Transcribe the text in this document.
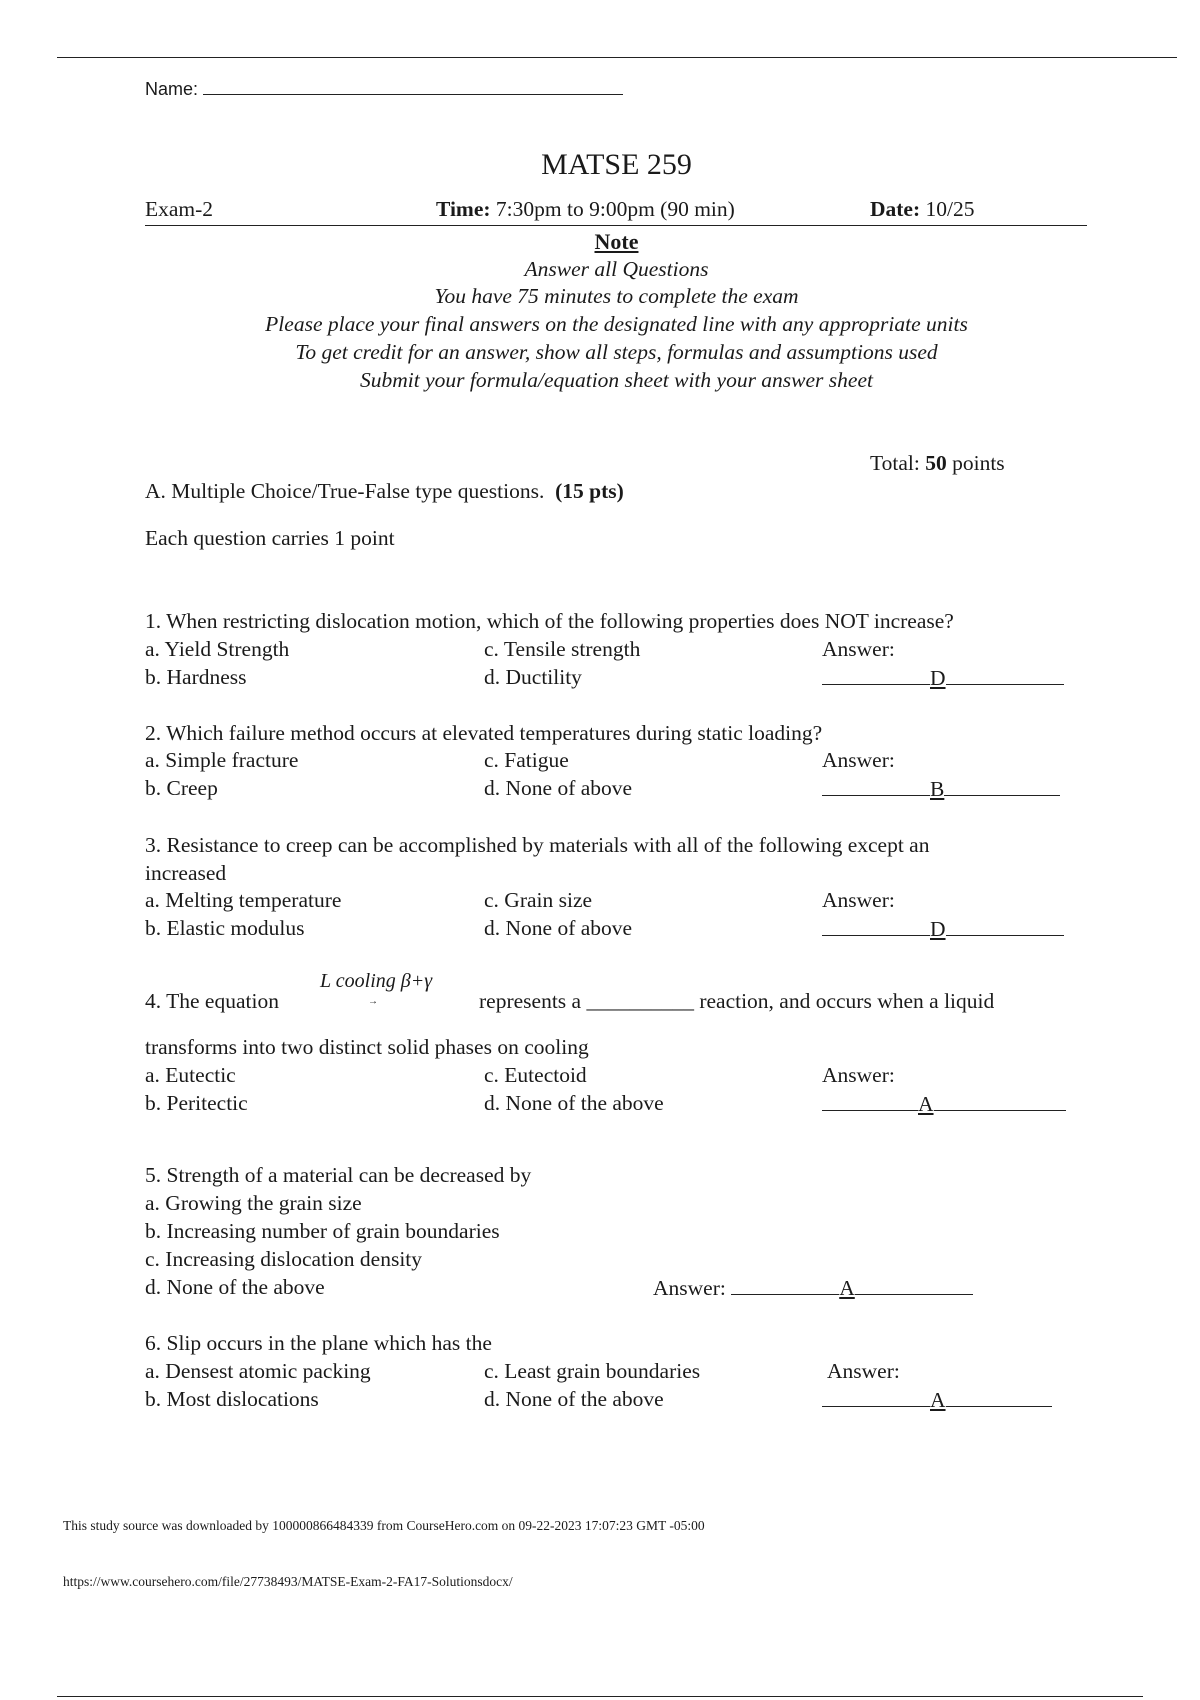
Name:
MATSE 259
Exam-2	Time: 7:30pm to 9:00pm (90 min)	Date: 10/25
Note
Answer all Questions
You have 75 minutes to complete the exam
Please place your final answers on the designated line with any appropriate units
To get credit for an answer, show all steps, formulas and assumptions used
Submit your formula/equation sheet with your answer sheet
Total: 50 points
A. Multiple Choice/True-False type questions. (15 pts)
Each question carries 1 point
1. When restricting dislocation motion, which of the following properties does NOT increase?
a. Yield Strength
b. Hardness
c. Tensile strength
d. Ductility
Answer:
D
2. Which failure method occurs at elevated temperatures during static loading?
a. Simple fracture
b. Creep
c. Fatigue
d. None of above
Answer:
B
3. Resistance to creep can be accomplished by materials with all of the following except an
increased
a. Melting temperature
b. Elastic modulus
c. Grain size
d. None of above
Answer:
D
4. The equation
L cooling β+γ
→	represents a __________ reaction, and occurs when a liquid
transforms into two distinct solid phases on cooling
a. Eutectic
b. Peritectic
c. Eutectoid
d. None of the above
Answer:
A
5. Strength of a material can be decreased by
a. Growing the grain size
b. Increasing number of grain boundaries
c. Increasing dislocation density
d. None of the above	Answer:	A
6. Slip occurs in the plane which has the
a. Densest atomic packing
b. Most dislocations
c. Least grain boundaries
d. None of the above
Answer:
A
This study source was downloaded by 100000866484339 from CourseHero.com on 09-22-2023 17:07:23 GMT -05:00
https://www.coursehero.com/file/27738493/MATSE-Exam-2-FA17-Solutionsdocx/
